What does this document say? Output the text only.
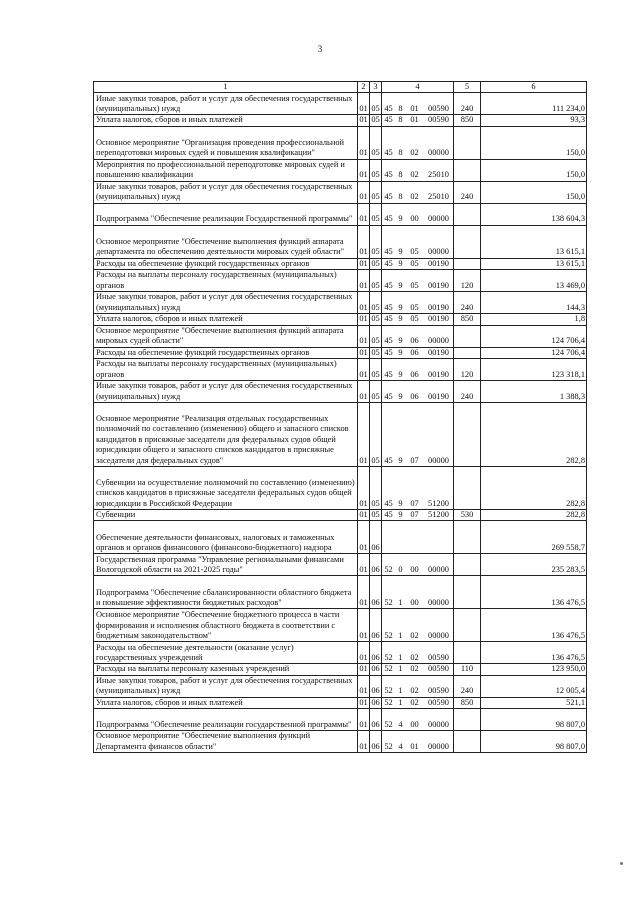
3
1	2	3	4				5	6
Иные закупки товаров, работ и услуг для обеспечения государственных (муниципальных) нужд	01	05	45	8	01	00590	240	111 234,0
Уплата налогов, сборов и иных платежей	01	05	45	8	01	00590	850	93,3
Основное мероприятие "Организация проведения профессиональной переподготовки мировых судей и повышения квалификации"	01	05	45	8	02	00000		150,0
Мероприятия по профессиональной переподготовке мировых судей и повышению квалификации	01	05	45	8	02	25010		150,0
Иные закупки товаров, работ и услуг для обеспечения государственных (муниципальных) нужд	01	05	45	8	02	25010	240	150,0
Подпрограмма "Обеспечение реализации Государственной программы"	01	05	45	9	00	00000		138 604,3
Основное мероприятие "Обеспечение выполнения функций аппарата департамента по обеспечению деятельности мировых судей области"	01	05	45	9	05	00000		13 615,1
Расходы на обеспечение функций государственных органов	01	05	45	9	05	00190		13 615,1
Расходы на выплаты персоналу государственных (муниципальных) органов	01	05	45	9	05	00190	120	13 469,0
Иные закупки товаров, работ и услуг для обеспечения государственных (муниципальных) нужд	01	05	45	9	05	00190	240	144,3
Уплата налогов, сборов и иных платежей	01	05	45	9	05	00190	850	1,8
Основное мероприятие "Обеспечение выполнения функций аппарата мировых судей области"	01	05	45	9	06	00000		124 706,4
Расходы на обеспечение функций государственных органов	01	05	45	9	06	00190		124 706,4
Расходы на выплаты персоналу государственных (муниципальных) органов	01	05	45	9	06	00190	120	123 318,1
Иные закупки товаров, работ и услуг для обеспечения государственных (муниципальных) нужд	01	05	45	9	06	00190	240	1 388,3
Основное мероприятие "Реализация отдельных государственных полномочий по составлению (изменению) общего и запасного списков кандидатов в присяжные заседатели для федеральных судов общей юрисдикции общего и запасного списков кандидатов в присяжные заседатели для федеральных судов"	01	05	45	9	07	00000		282,8
Субвенции на осуществление полномочий по составлению (изменению) списков кандидатов в присяжные заседатели федеральных судов общей юрисдикции в Российской Федерации	01	05	45	9	07	51200		282,8
Субвенции	01	05	45	9	07	51200	530	282,8
Обеспечение деятельности финансовых, налоговых и таможенных органов и органов финансового (финансово-бюджетного) надзора	01	06						269 558,7
Государственная программа "Управление региональными финансами Вологодской области на 2021-2025 годы"	01	06	52	0	00	00000		235 283,5
Подпрограмма "Обеспечение сбалансированности областного бюджета и повышение эффективности бюджетных расходов"	01	06	52	1	00	00000		136 476,5
Основное мероприятие "Обеспечение бюджетного процесса в части формирования и исполнения областного бюджета в соответствии с бюджетным законодательством"	01	06	52	1	02	00000		136 476,5
Расходы на обеспечение деятельности (оказание услуг) государственных учреждений	01	06	52	1	02	00590		136 476,5
Расходы на выплаты персоналу казенных учреждений	01	06	52	1	02	00590	110	123 950,0
Иные закупки товаров, работ и услуг для обеспечения государственных (муниципальных) нужд	01	06	52	1	02	00590	240	12 005,4
Уплата налогов, сборов и иных платежей	01	06	52	1	02	00590	850	521,1
Подпрограмма "Обеспечение реализации государственной программы"	01	06	52	4	00	00000		98 807,0
Основное мероприятие "Обеспечение выполнения функций Департамента финансов области"	01	06	52	4	01	00000		98 807,0
